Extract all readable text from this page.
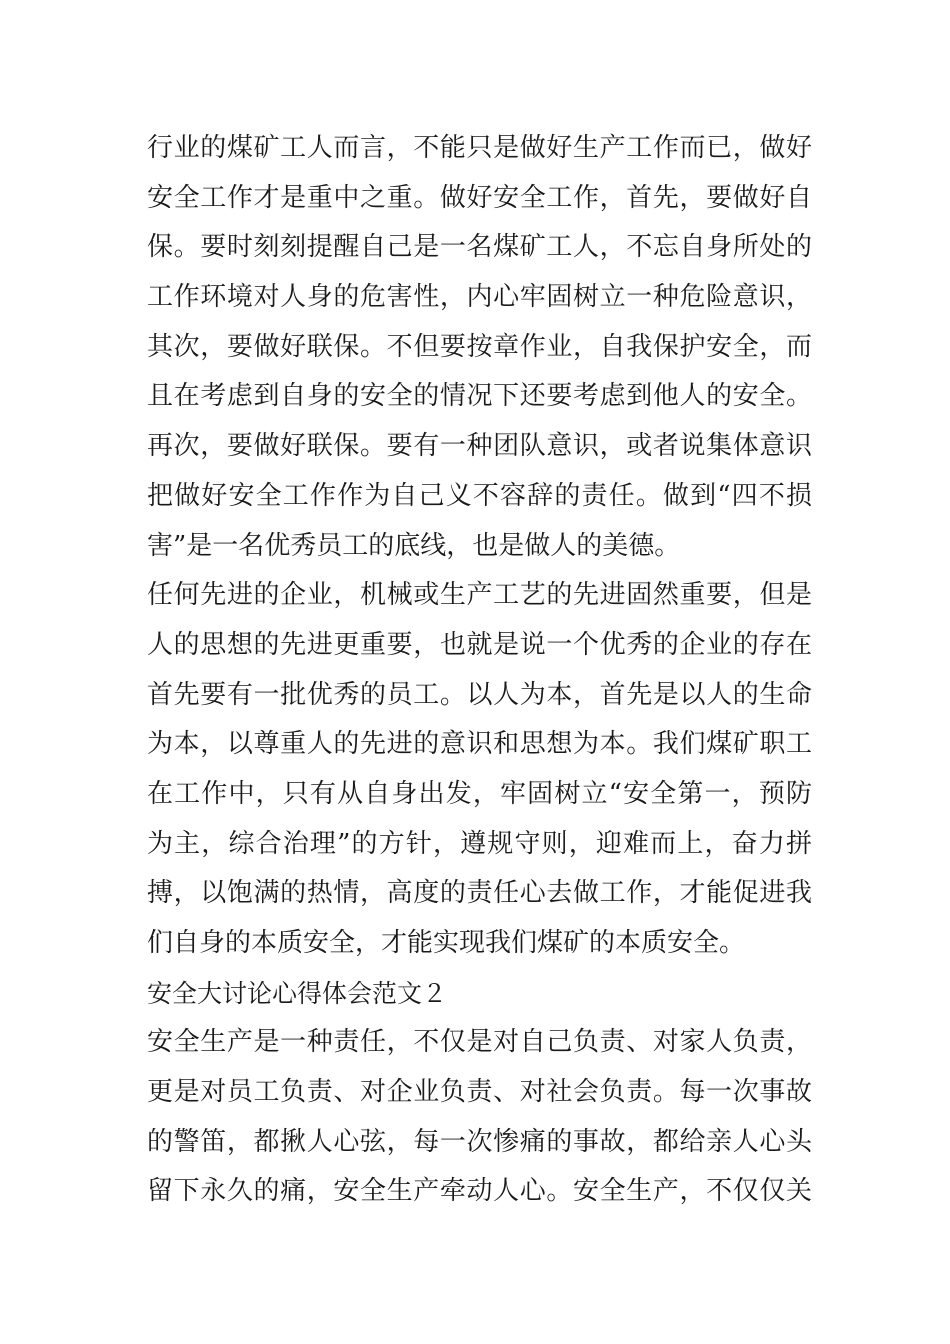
行业的煤矿工人而言，不能只是做好生产工作而已，做好
安全工作才是重中之重。做好安全工作，首先，要做好自
保。要时刻刻提醒自己是一名煤矿工人，不忘自身所处的
工作环境对人身的危害性，内心牢固树立一种危险意识，
其次，要做好联保。不但要按章作业，自我保护安全，而
且在考虑到自身的安全的情况下还要考虑到他人的安全。
再次，要做好联保。要有一种团队意识，或者说集体意识
把做好安全工作作为自己义不容辞的责任。做到“四不损
害”是一名优秀员工的底线，也是做人的美德。
任何先进的企业，机械或生产工艺的先进固然重要，但是
人的思想的先进更重要，也就是说一个优秀的企业的存在
首先要有一批优秀的员工。以人为本，首先是以人的生命
为本，以尊重人的先进的意识和思想为本。我们煤矿职工
在工作中，只有从自身出发，牢固树立“安全第一，预防
为主，综合治理”的方针，遵规守则，迎难而上，奋力拼
搏，以饱满的热情，高度的责任心去做工作，才能促进我
们自身的本质安全，才能实现我们煤矿的本质安全。
安全大讨论心得体会范文２
安全生产是一种责任，不仅是对自己负责、对家人负责，
更是对员工负责、对企业负责、对社会负责。每一次事故
的警笛，都揪人心弦，每一次惨痛的事故，都给亲人心头
留下永久的痛，安全生产牵动人心。安全生产，不仅仅关
